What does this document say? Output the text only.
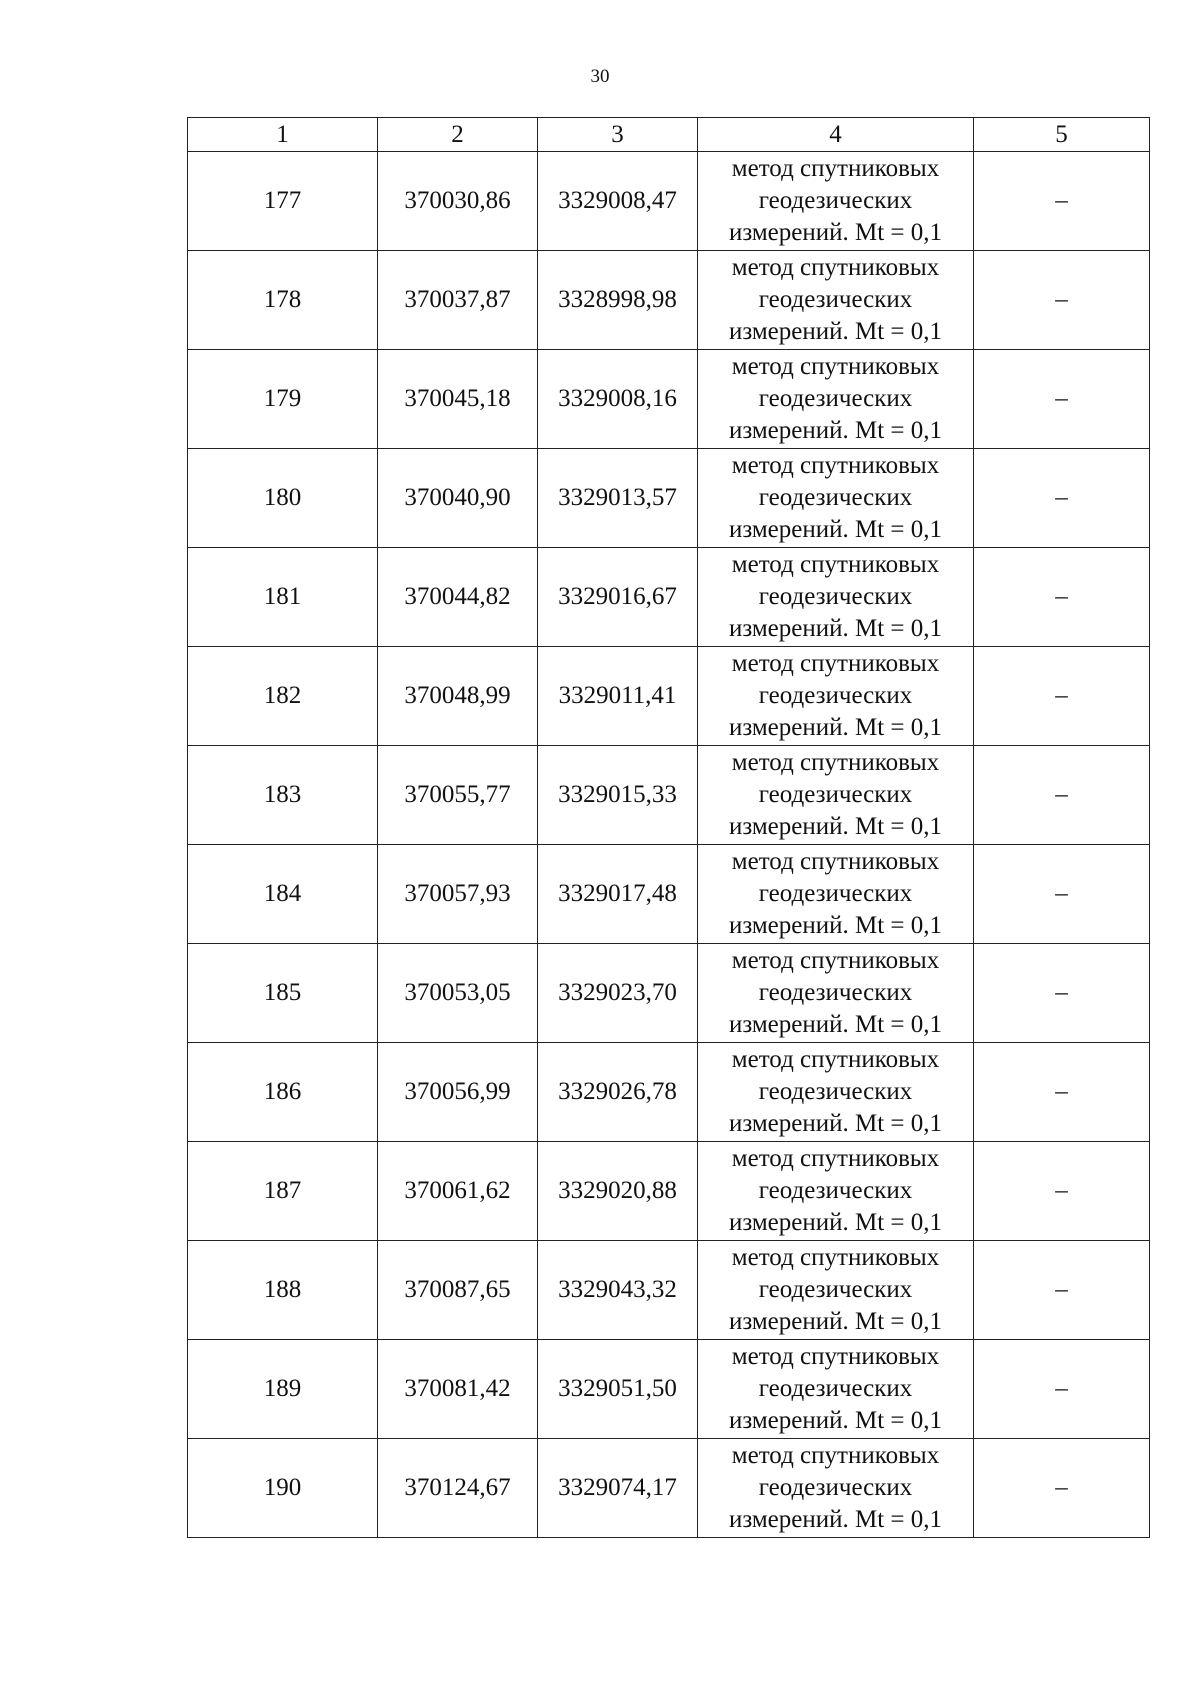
30
1	2	3	4	5
177	370030,86	3329008,47	метод спутниковых
геодезических
измерений. Mt = 0,1	–
178	370037,87	3328998,98	метод спутниковых
геодезических
измерений. Mt = 0,1	–
179	370045,18	3329008,16	метод спутниковых
геодезических
измерений. Mt = 0,1	–
180	370040,90	3329013,57	метод спутниковых
геодезических
измерений. Mt = 0,1	–
181	370044,82	3329016,67	метод спутниковых
геодезических
измерений. Mt = 0,1	–
182	370048,99	3329011,41	метод спутниковых
геодезических
измерений. Mt = 0,1	–
183	370055,77	3329015,33	метод спутниковых
геодезических
измерений. Mt = 0,1	–
184	370057,93	3329017,48	метод спутниковых
геодезических
измерений. Mt = 0,1	–
185	370053,05	3329023,70	метод спутниковых
геодезических
измерений. Mt = 0,1	–
186	370056,99	3329026,78	метод спутниковых
геодезических
измерений. Mt = 0,1	–
187	370061,62	3329020,88	метод спутниковых
геодезических
измерений. Mt = 0,1	–
188	370087,65	3329043,32	метод спутниковых
геодезических
измерений. Mt = 0,1	–
189	370081,42	3329051,50	метод спутниковых
геодезических
измерений. Mt = 0,1	–
190	370124,67	3329074,17	метод спутниковых
геодезических
измерений. Mt = 0,1	–
